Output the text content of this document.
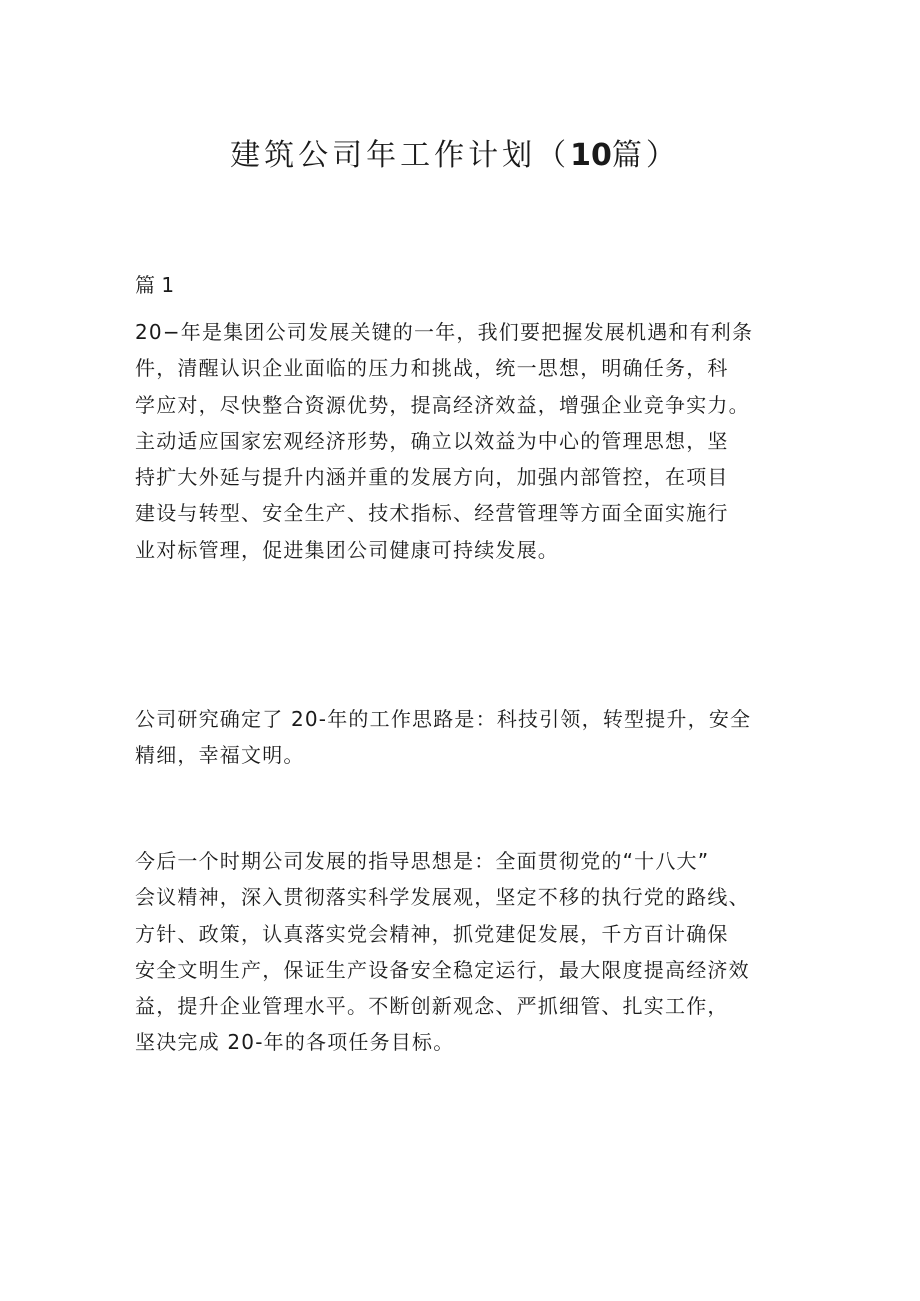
建筑公司年工作计划（10篇）

篇 1

20−年是集团公司发展关键的一年，我们要把握发展机遇和有利条
件，清醒认识企业面临的压力和挑战，统一思想，明确任务，科
学应对，尽快整合资源优势，提高经济效益，增强企业竞争实力。
主动适应国家宏观经济形势，确立以效益为中心的管理思想，坚
持扩大外延与提升内涵并重的发展方向，加强内部管控，在项目
建设与转型、安全生产、技术指标、经营管理等方面全面实施行
业对标管理，促进集团公司健康可持续发展。

公司研究确定了 20-年的工作思路是：科技引领，转型提升，安全
精细，幸福文明。

今后一个时期公司发展的指导思想是：全面贯彻党的“十八大”
会议精神，深入贯彻落实科学发展观，坚定不移的执行党的路线、
方针、政策，认真落实党会精神，抓党建促发展，千方百计确保
安全文明生产，保证生产设备安全稳定运行，最大限度提高经济效
益，提升企业管理水平。不断创新观念、严抓细管、扎实工作，
坚决完成 20-年的各项任务目标。
